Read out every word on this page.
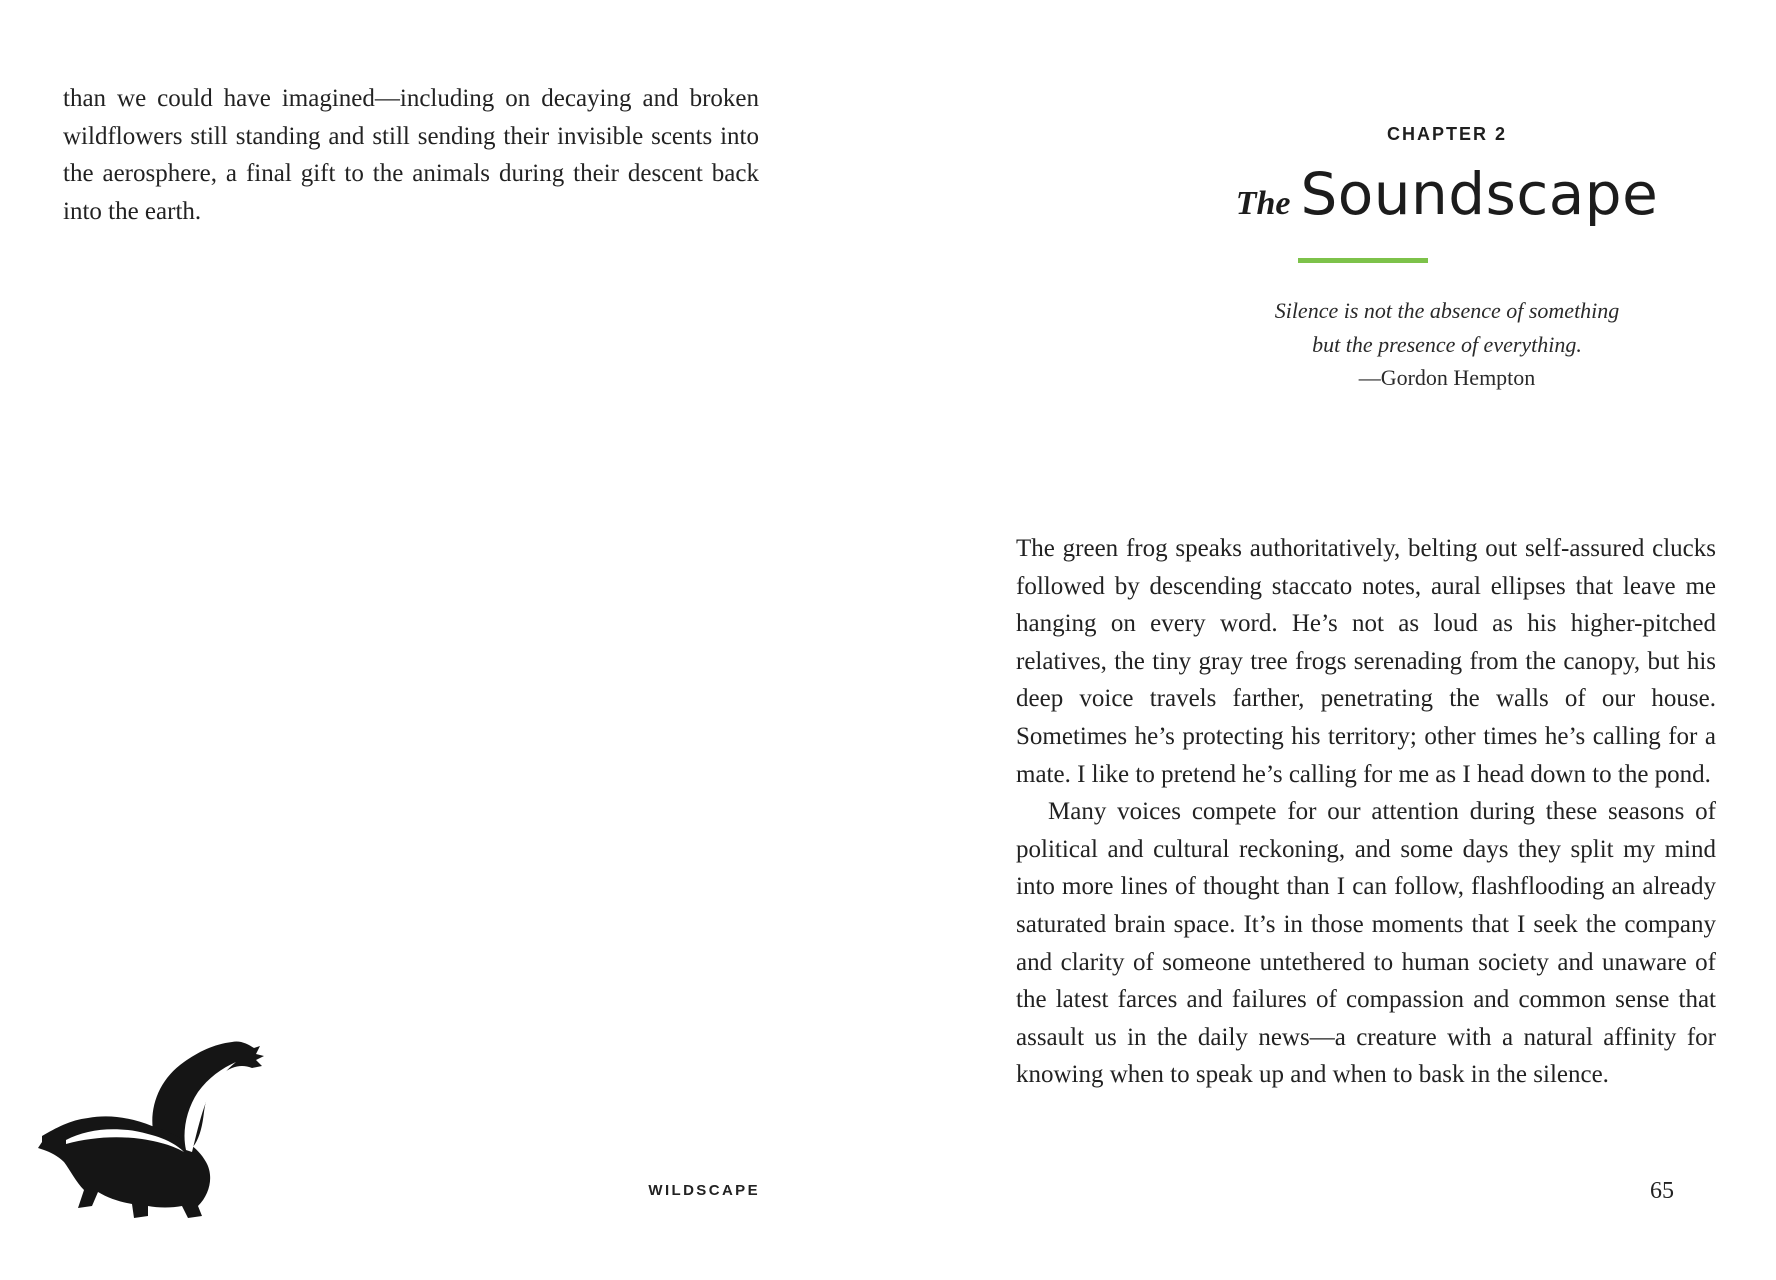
than we could have imagined—including on decaying and broken wildflowers still standing and still sending their invisible scents into the aerosphere, a final gift to the animals during their descent back into the earth.

WILDSCAPE
CHAPTER 2
The Soundscape
Silence is not the absence of something
but the presence of everything.
—Gordon Hempton

The green frog speaks authoritatively, belting out self-assured clucks followed by descending staccato notes, aural ellipses that leave me hanging on every word. He’s not as loud as his higher-pitched relatives, the tiny gray tree frogs serenading from the canopy, but his deep voice travels farther, penetrating the walls of our house. Sometimes he’s protecting his territory; other times he’s calling for a mate. I like to pretend he’s calling for me as I head down to the pond.

Many voices compete for our attention during these seasons of political and cultural reckoning, and some days they split my mind into more lines of thought than I can follow, flashflooding an already saturated brain space. It’s in those moments that I seek the company and clarity of someone untethered to human society and unaware of the latest farces and failures of compassion and common sense that assault us in the daily news—a creature with a natural affinity for knowing when to speak up and when to bask in the silence.

65
